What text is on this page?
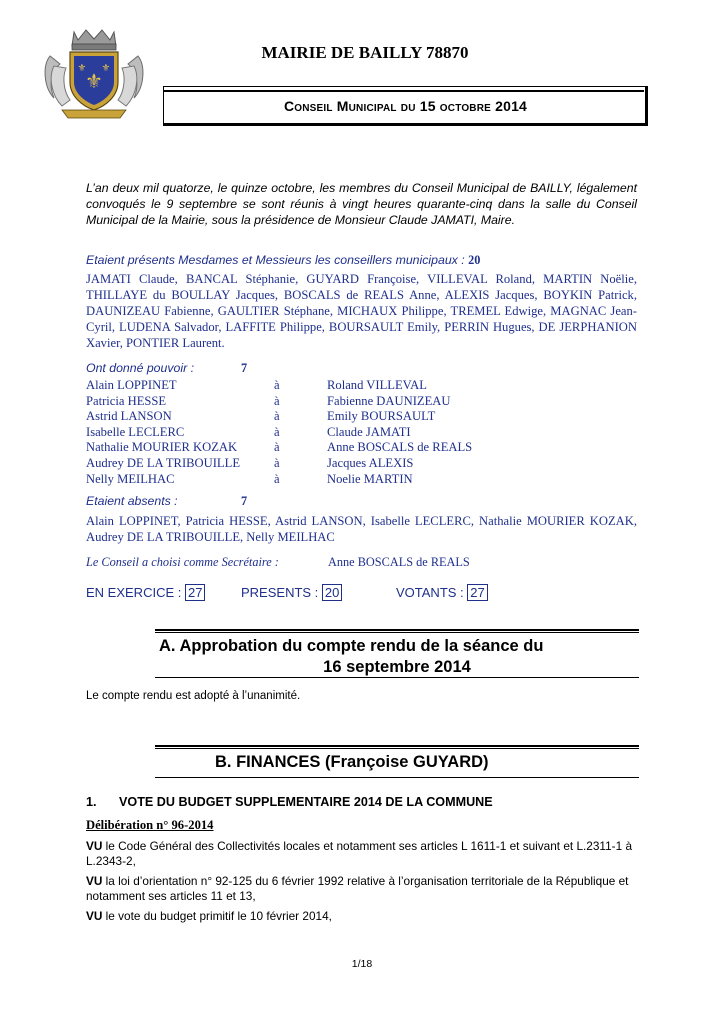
⚜
⚜ ⚜
MAIRIE DE BAILLY 78870
Conseil Municipal du 15 octobre 2014
L’an deux mil quatorze, le quinze octobre, les membres du Conseil Municipal de BAILLY, légalement convoqués le 9 septembre se sont réunis à vingt heures quarante-cinq dans la salle du Conseil Municipal de la Mairie, sous la présidence de Monsieur Claude JAMATI, Maire.
Etaient présents Mesdames et Messieurs les conseillers municipaux : 20
JAMATI Claude, BANCAL Stéphanie, GUYARD Françoise, VILLEVAL Roland, MARTIN Noëlie, THILLAYE du BOULLAY Jacques, BOSCALS de REALS Anne, ALEXIS Jacques, BOYKIN Patrick, DAUNIZEAU Fabienne, GAULTIER Stéphane, MICHAUX Philippe, TREMEL Edwige, MAGNAC Jean-Cyril, LUDENA Salvador, LAFFITE Philippe, BOURSAULT Emily, PERRIN Hugues, DE JERPHANION Xavier, PONTIER Laurent.
Ont donné pouvoir :	7
Alain LOPPINET	à	Roland VILLEVAL
Patricia HESSE	à	Fabienne DAUNIZEAU
Astrid LANSON	à	Emily BOURSAULT
Isabelle LECLERC	à	Claude JAMATI
Nathalie MOURIER KOZAK	à	Anne BOSCALS de REALS
Audrey DE LA TRIBOUILLE	à	Jacques ALEXIS
Nelly MEILHAC	à	Noelie MARTIN
Etaient absents :	7
Alain LOPPINET, Patricia HESSE, Astrid LANSON, Isabelle LECLERC, Nathalie MOURIER KOZAK, Audrey DE LA TRIBOUILLE, Nelly MEILHAC
Le Conseil a choisi comme Secrétaire :	Anne BOSCALS de REALS
EN EXERCICE : 27	PRESENTS : 20	VOTANTS : 27
A. Approbation du compte rendu de la séance du
16 septembre 2014
Le compte rendu est adopté à l’unanimité.
B. FINANCES (Françoise GUYARD)
1. VOTE DU BUDGET SUPPLEMENTAIRE 2014 DE LA COMMUNE
Délibération n° 96-2014
VU le Code Général des Collectivités locales et notamment ses articles L 1611-1 et suivant et L.2311-1 à L.2343-2,
VU la loi d’orientation n° 92-125 du 6 février 1992 relative à l’organisation territoriale de la République et notamment ses articles 11 et 13,
VU le vote du budget primitif le 10 février 2014,
1/18
